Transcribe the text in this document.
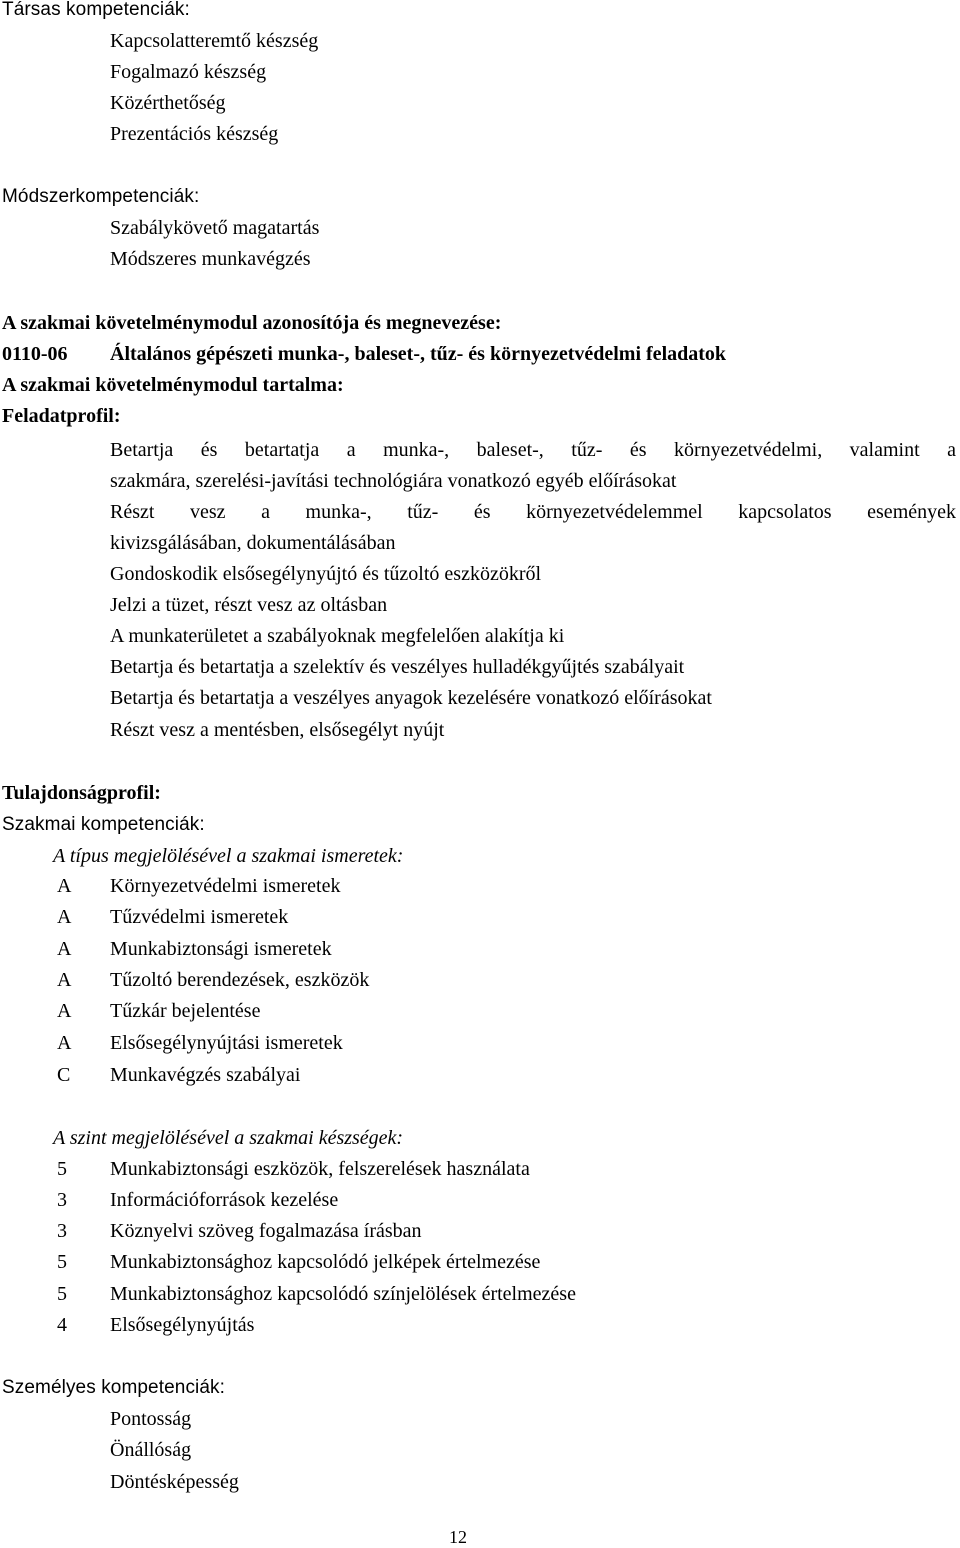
Társas kompetenciák:
Kapcsolatteremtő készség
Fogalmazó készség
Közérthetőség
Prezentációs készség
Módszerkompetenciák:
Szabálykövető magatartás
Módszeres munkavégzés
A szakmai követelménymodul azonosítója és megnevezése:
0110-06 Általános gépészeti munka-, baleset-, tűz- és környezetvédelmi feladatok
A szakmai követelménymodul tartalma:
Feladatprofil:
Betartja és betartatja a munka-, baleset-, tűz- és környezetvédelmi, valamint a
szakmára, szerelési-javítási technológiára vonatkozó egyéb előírásokat
Részt vesz a munka-, tűz- és környezetvédelemmel kapcsolatos események
kivizsgálásában, dokumentálásában
Gondoskodik elsősegélynyújtó és tűzoltó eszközökről
Jelzi a tüzet, részt vesz az oltásban
A munkaterületet a szabályoknak megfelelően alakítja ki
Betartja és betartatja a szelektív és veszélyes hulladékgyűjtés szabályait
Betartja és betartatja a veszélyes anyagok kezelésére vonatkozó előírásokat
Részt vesz a mentésben, elsősegélyt nyújt
Tulajdonságprofil:
Szakmai kompetenciák:
A típus megjelölésével a szakmai ismeretek:
A Környezetvédelmi ismeretek
A Tűzvédelmi ismeretek
A Munkabiztonsági ismeretek
A Tűzoltó berendezések, eszközök
A Tűzkár bejelentése
A Elsősegélynyújtási ismeretek
C Munkavégzés szabályai
A szint megjelölésével a szakmai készségek:
5 Munkabiztonsági eszközök, felszerelések használata
3 Információforrások kezelése
3 Köznyelvi szöveg fogalmazása írásban
5 Munkabiztonsághoz kapcsolódó jelképek értelmezése
5 Munkabiztonsághoz kapcsolódó színjelölések értelmezése
4 Elsősegélynyújtás
Személyes kompetenciák:
Pontosság
Önállóság
Döntésképesség
12
